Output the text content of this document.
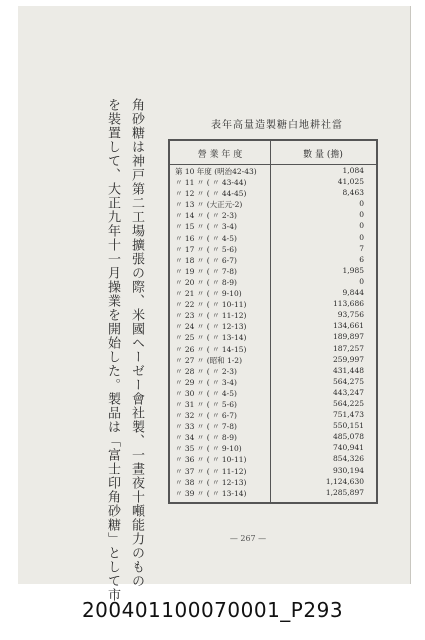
角砂糖は神戸第二工場擴張の際、米國ヘーゼー會社製、一晝夜十噸能力のもの
を裝置して、大正九年十一月操業を開始した。製品は「富士印角砂糖」として市	表年高量造製糖白地耕社當
營 業 年 度	數 量 (擔)
第 10 年度 (明治42-43)	1,084
〃 11 〃 ( 〃 43-44)	41,025
〃 12 〃 ( 〃 44-45)	8,463
〃 13 〃 (大正元-2)	0
〃 14 〃 ( 〃 2-3)	0
〃 15 〃 ( 〃 3-4)	0
〃 16 〃 ( 〃 4-5)	0
〃 17 〃 ( 〃 5-6)	7
〃 18 〃 ( 〃 6-7)	6
〃 19 〃 ( 〃 7-8)	1,985
〃 20 〃 ( 〃 8-9)	0
〃 21 〃 ( 〃 9-10)	9,844
〃 22 〃 ( 〃 10-11)	113,686
〃 23 〃 ( 〃 11-12)	93,756
〃 24 〃 ( 〃 12-13)	134,661
〃 25 〃 ( 〃 13-14)	189,897
〃 26 〃 ( 〃 14-15)	187,257
〃 27 〃 (昭和 1-2)	259,997
〃 28 〃 ( 〃 2-3)	431,448
〃 29 〃 ( 〃 3-4)	564,275
〃 30 〃 ( 〃 4-5)	443,247
〃 31 〃 ( 〃 5-6)	564,225
〃 32 〃 ( 〃 6-7)	751,473
〃 33 〃 ( 〃 7-8)	550,151
〃 34 〃 ( 〃 8-9)	485,078
〃 35 〃 ( 〃 9-10)	740,941
〃 36 〃 ( 〃 10-11)	854,326
〃 37 〃 ( 〃 11-12)	930,194
〃 38 〃 ( 〃 12-13)	1,124,630
〃 39 〃 ( 〃 13-14)	1,285,897
— 267 —
200401100070001_P293
